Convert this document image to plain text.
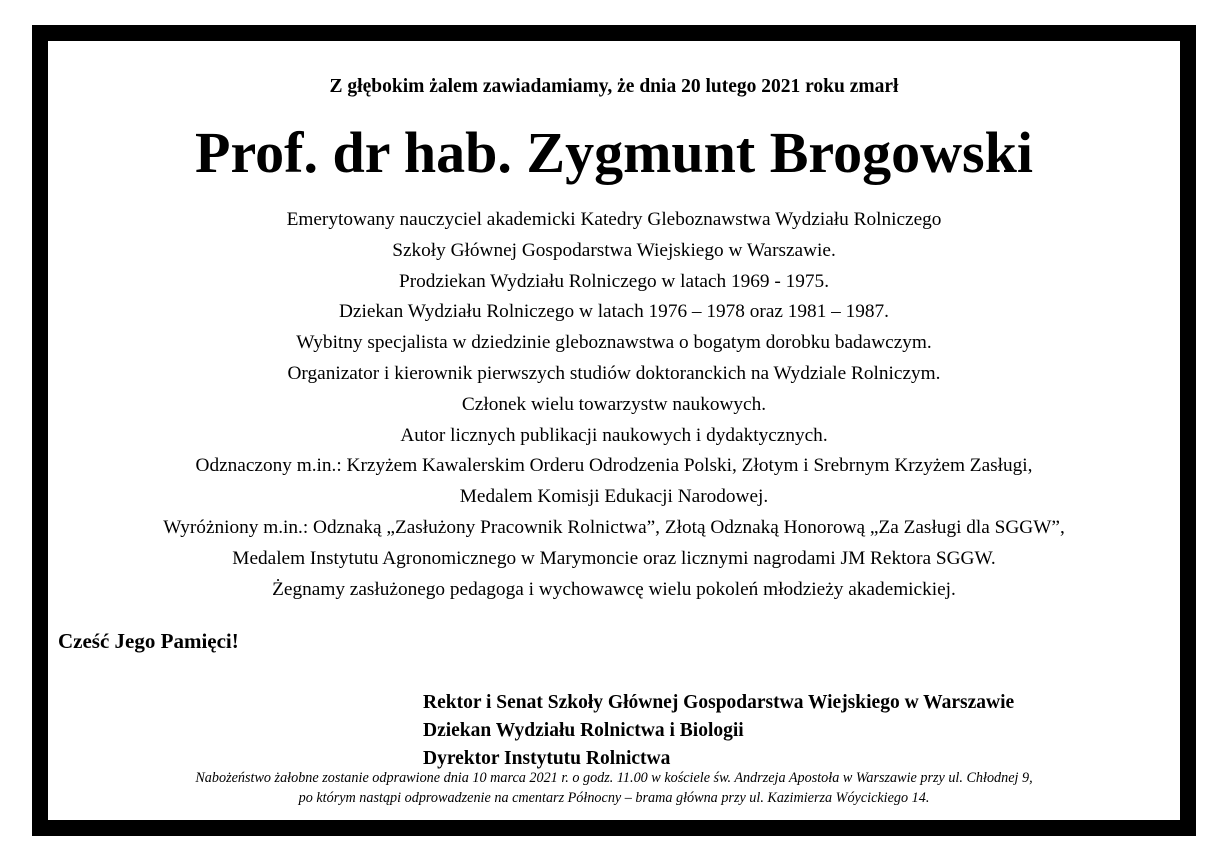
Z głębokim żalem zawiadamiamy, że dnia 20 lutego 2021 roku zmarł
Prof. dr hab. Zygmunt Brogowski
Emerytowany nauczyciel akademicki Katedry Gleboznawstwa Wydziału Rolniczego
Szkoły Głównej Gospodarstwa Wiejskiego w Warszawie.
Prodziekan Wydziału Rolniczego w latach 1969 - 1975.
Dziekan Wydziału Rolniczego w latach 1976 – 1978 oraz 1981 – 1987.
Wybitny specjalista w dziedzinie gleboznawstwa o bogatym dorobku badawczym.
Organizator i kierownik pierwszych studiów doktoranckich na Wydziale Rolniczym.
Członek wielu towarzystw naukowych.
Autor licznych publikacji naukowych i dydaktycznych.
Odznaczony m.in.: Krzyżem Kawalerskim Orderu Odrodzenia Polski, Złotym i Srebrnym Krzyżem Zasługi,
Medalem Komisji Edukacji Narodowej.
Wyróżniony m.in.: Odznaką „Zasłużony Pracownik Rolnictwa”, Złotą Odznaką Honorową „Za Zasługi dla SGGW”,
Medalem Instytutu Agronomicznego w Marymoncie oraz licznymi nagrodami JM Rektora SGGW.
Żegnamy zasłużonego pedagoga i wychowawcę wielu pokoleń młodzieży akademickiej.
Cześć Jego Pamięci!
Rektor i Senat Szkoły Głównej Gospodarstwa Wiejskiego w Warszawie
Dziekan Wydziału Rolnictwa i Biologii
Dyrektor Instytutu Rolnictwa
Nabożeństwo żałobne zostanie odprawione dnia 10 marca 2021 r. o godz. 11.00 w kościele św. Andrzeja Apostoła w Warszawie przy ul. Chłodnej 9,
po którym nastąpi odprowadzenie na cmentarz Północny – brama główna przy ul. Kazimierza Wóycickiego 14.
